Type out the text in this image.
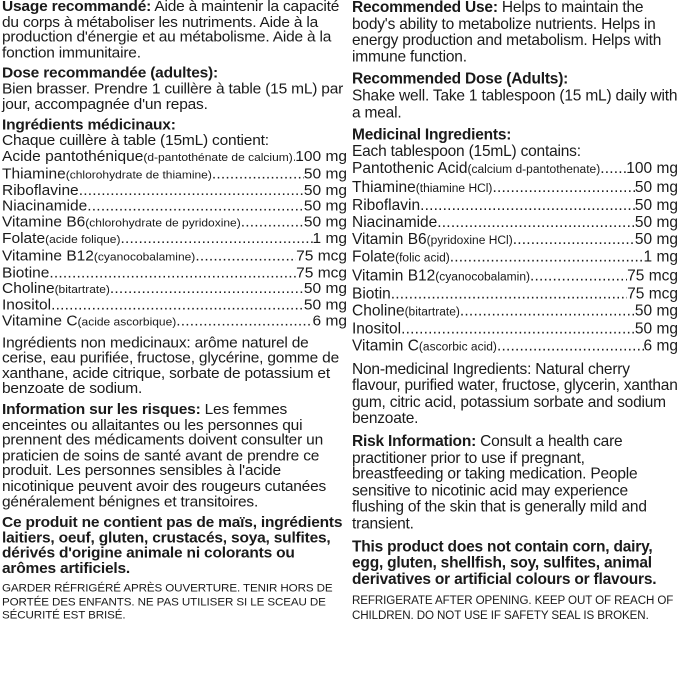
Usage recommandé: Aide à maintenir la capacité du corps à métaboliser les nutriments. Aide à la production d'énergie et au métabolisme. Aide à la fonction immunitaire.

Dose recommandée (adultes):

Bien brasser. Prendre 1 cuillère à table (15 mL) par jour, accompagnée d'un repas.

Ingrédients médicinaux:

Chaque cuillère à table (15mL) contient:

Acide pantothénique (d-pantothénate de calcium) ..... 100 mg
Thiamine (chlorohydrate de thiamine) .....	50 mg
Riboflavine .....	50 mg
Niacinamide .....	50 mg
Vitamine B6 (chlorohydrate de pyridoxine) .....	50 mg
Folate (acide folique) .....	1 mg
Vitamine B12 (cyanocobalamine) .....	75 mcg
Biotine .....	75 mcg
Choline (bitartrate) .....	50 mg
Inositol .....	50 mg
Vitamine C (acide ascorbique) .....	6 mg

Ingrédients non medicinaux: arôme naturel de cerise, eau purifiée, fructose, glycérine, gomme de xanthane, acide citrique, sorbate de potassium et benzoate de sodium.

Information sur les risques: Les femmes enceintes ou allaitantes ou les personnes qui prennent des médicaments doivent consulter un praticien de soins de santé avant de prendre ce produit. Les personnes sensibles à l'acide nicotinique peuvent avoir des rougeurs cutanées généralement bénignes et transitoires.

Ce produit ne contient pas de maïs, ingrédients laitiers, oeuf, gluten, crustacés, soya, sulfites, dérivés d'origine animale ni colorants ou arômes artificiels.

GARDER RÉFRIGÉRÉ APRÈS OUVERTURE. TENIR HORS DE PORTÉE DES ENFANTS. NE PAS UTILISER SI LE SCEAU DE SÉCURITÉ EST BRISÉ.

Recommended Use: Helps to maintain the body's ability to metabolize nutrients. Helps in energy production and metabolism. Helps with immune function.

Recommended Dose (Adults):

Shake well. Take 1 tablespoon (15 mL) daily with a meal.

Medicinal Ingredients:

Each tablespoon (15mL) contains:

Pantothenic Acid (calcium d-pantothenate) ..... 100 mg
Thiamine (thiamine HCl) .....	50 mg
Riboflavin .....	50 mg
Niacinamide .....	50 mg
Vitamin B6 (pyridoxine HCl) .....	50 mg
Folate (folic acid) .....	1 mg
Vitamin B12 (cyanocobalamin) .....	75 mcg
Biotin .....	75 mcg
Choline (bitartrate) .....	50 mg
Inositol .....	50 mg
Vitamin C (ascorbic acid) .....	6 mg

Non-medicinal Ingredients: Natural cherry flavour, purified water, fructose, glycerin, xanthan gum, citric acid, potassium sorbate and sodium benzoate.

Risk Information: Consult a health care practitioner prior to use if pregnant, breastfeeding or taking medication. People sensitive to nicotinic acid may experience flushing of the skin that is generally mild and transient.

This product does not contain corn, dairy, egg, gluten, shellfish, soy, sulfites, animal derivatives or artificial colours or flavours.

REFRIGERATE AFTER OPENING. KEEP OUT OF REACH OF CHILDREN. DO NOT USE IF SAFETY SEAL IS BROKEN.
